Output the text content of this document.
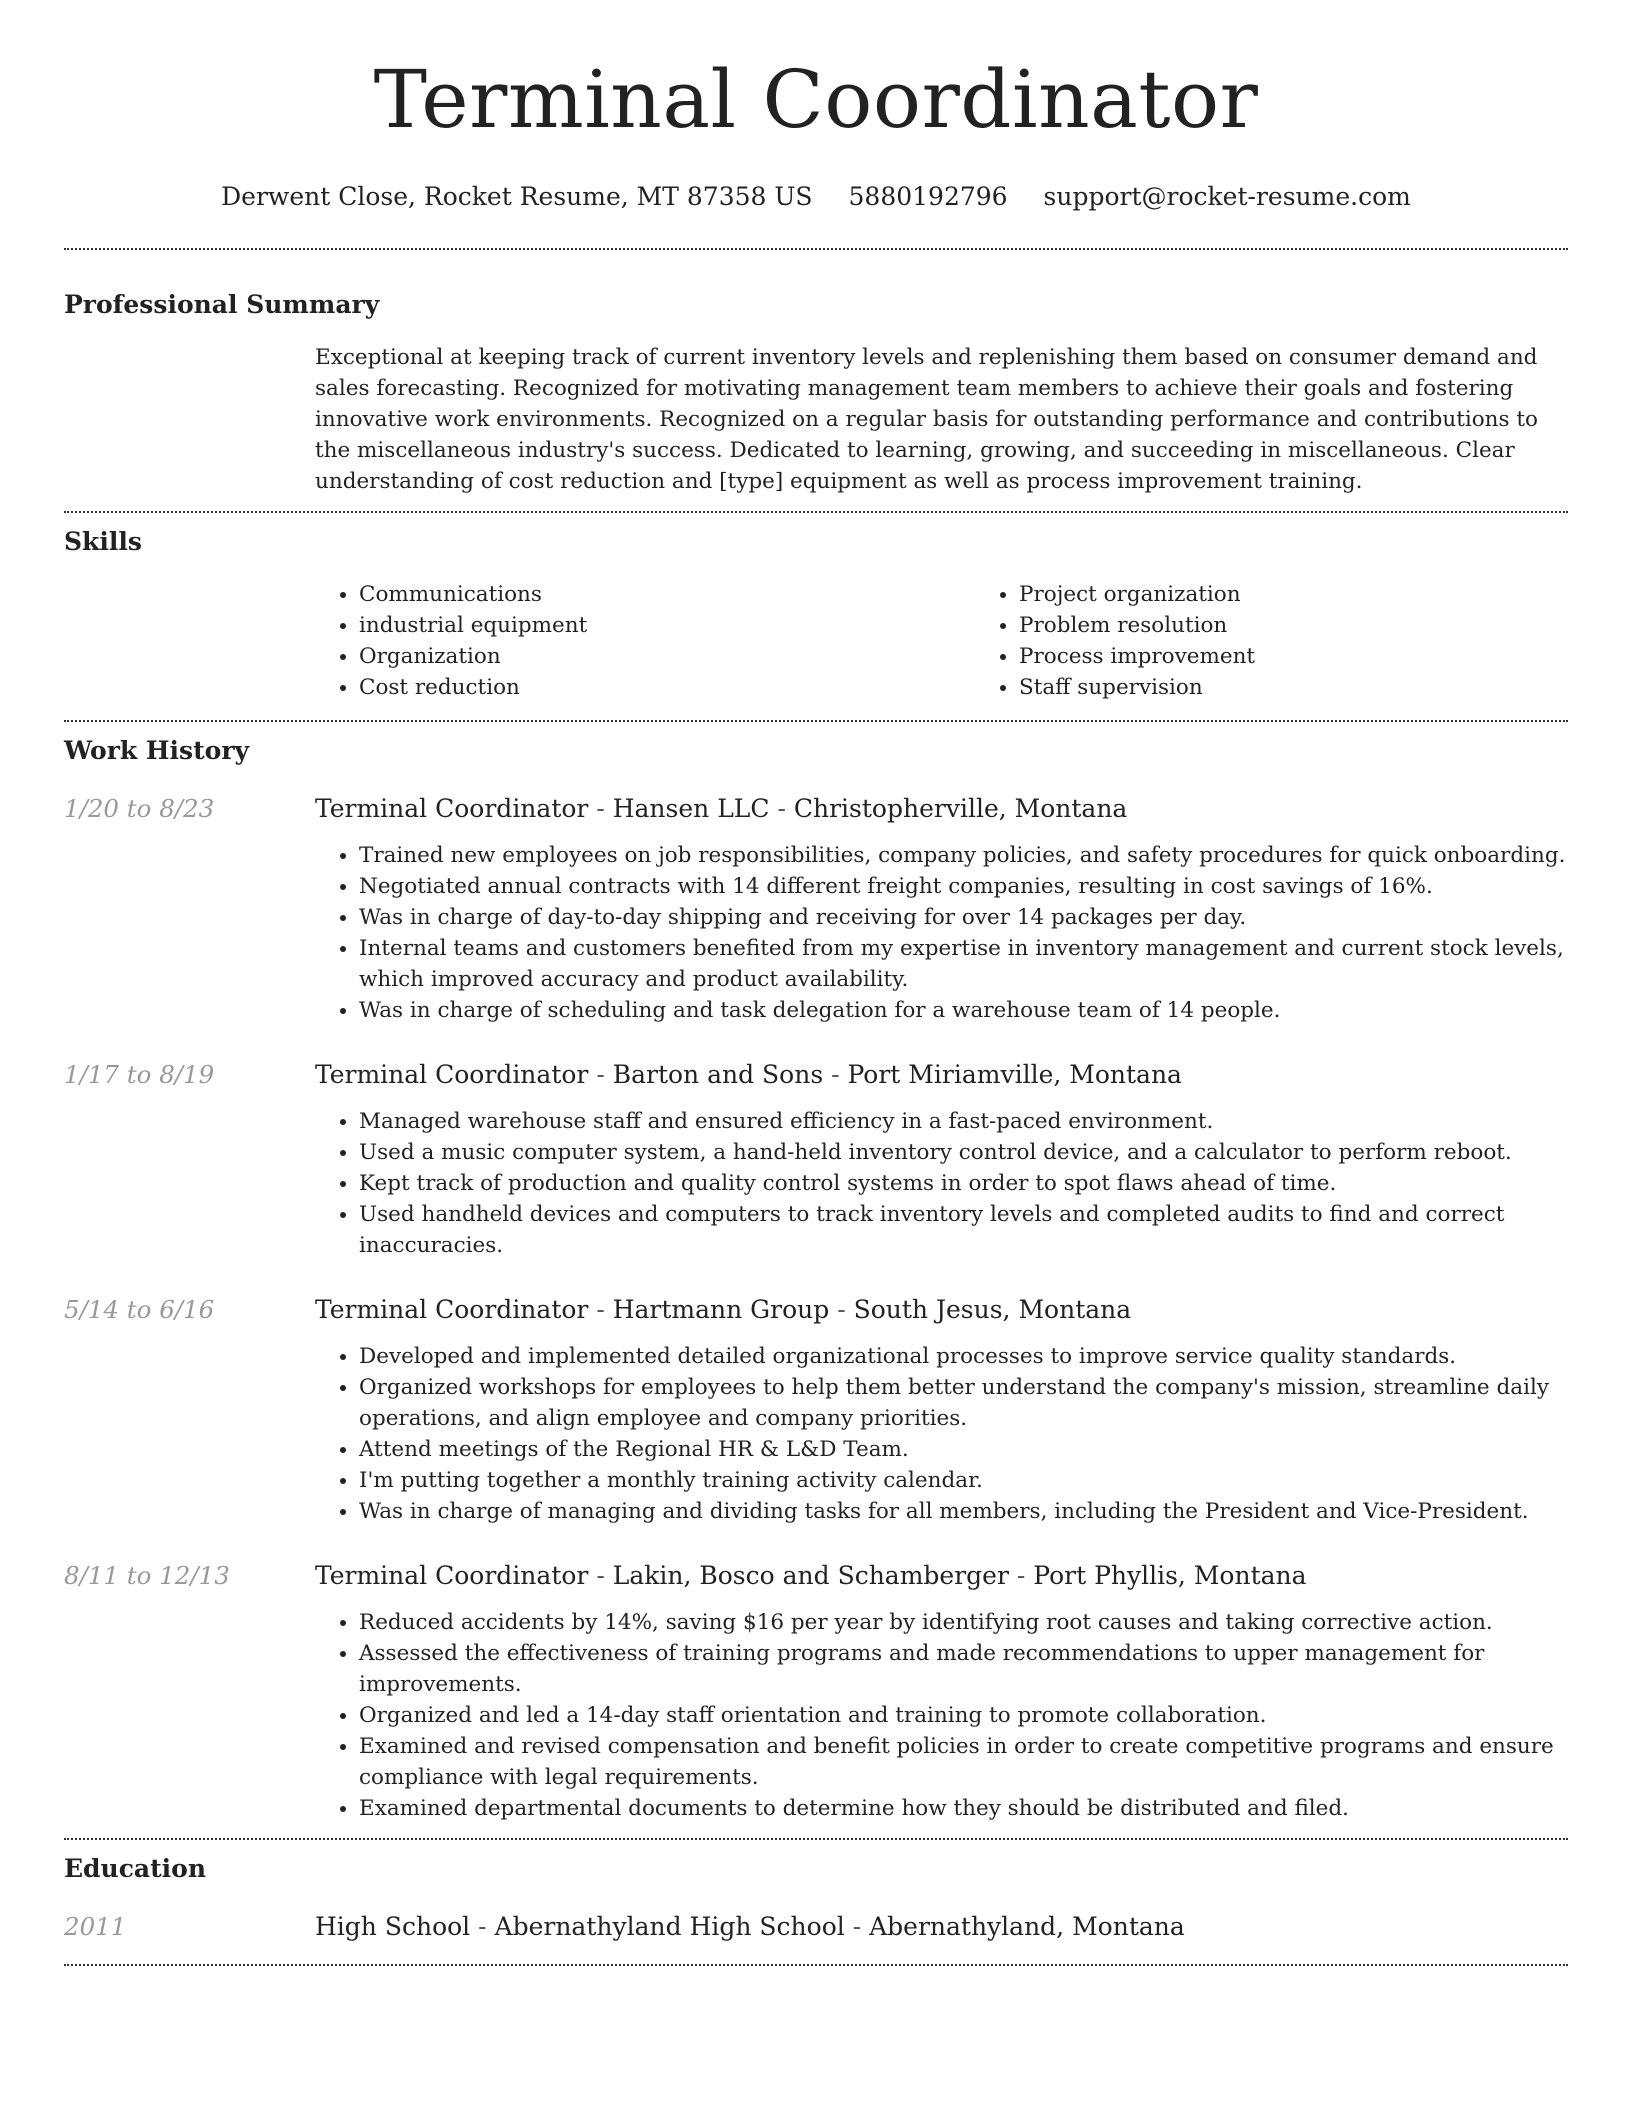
Terminal Coordinator
Derwent Close, Rocket Resume, MT 87358 US 5880192796 support@rocket-resume.com
Professional Summary
Exceptional at keeping track of current inventory levels and replenishing them based on consumer demand and sales forecasting. Recognized for motivating management team members to achieve their goals and fostering innovative work environments. Recognized on a regular basis for outstanding performance and contributions to the miscellaneous industry's success. Dedicated to learning, growing, and succeeding in miscellaneous. Clear understanding of cost reduction and [type] equipment as well as process improvement training.
Skills
• Communications
• industrial equipment
• Organization
• Cost reduction
• Project organization
• Problem resolution
• Process improvement
• Staff supervision
Work History
1/20 to 8/23	Terminal Coordinator - Hansen LLC - Christopherville, Montana
• Trained new employees on job responsibilities, company policies, and safety procedures for quick onboarding.
• Negotiated annual contracts with 14 different freight companies, resulting in cost savings of 16%.
• Was in charge of day-to-day shipping and receiving for over 14 packages per day.
• Internal teams and customers benefited from my expertise in inventory management and current stock levels, which improved accuracy and product availability.
• Was in charge of scheduling and task delegation for a warehouse team of 14 people.
1/17 to 8/19	Terminal Coordinator - Barton and Sons - Port Miriamville, Montana
• Managed warehouse staff and ensured efficiency in a fast-paced environment.
• Used a music computer system, a hand-held inventory control device, and a calculator to perform reboot.
• Kept track of production and quality control systems in order to spot flaws ahead of time.
• Used handheld devices and computers to track inventory levels and completed audits to find and correct inaccuracies.
5/14 to 6/16	Terminal Coordinator - Hartmann Group - South Jesus, Montana
• Developed and implemented detailed organizational processes to improve service quality standards.
• Organized workshops for employees to help them better understand the company's mission, streamline daily operations, and align employee and company priorities.
• Attend meetings of the Regional HR & L&D Team.
• I'm putting together a monthly training activity calendar.
• Was in charge of managing and dividing tasks for all members, including the President and Vice-President.
8/11 to 12/13	Terminal Coordinator - Lakin, Bosco and Schamberger - Port Phyllis, Montana
• Reduced accidents by 14%, saving $16 per year by identifying root causes and taking corrective action.
• Assessed the effectiveness of training programs and made recommendations to upper management for improvements.
• Organized and led a 14-day staff orientation and training to promote collaboration.
• Examined and revised compensation and benefit policies in order to create competitive programs and ensure compliance with legal requirements.
• Examined departmental documents to determine how they should be distributed and filed.
Education
2011	High School - Abernathyland High School - Abernathyland, Montana
